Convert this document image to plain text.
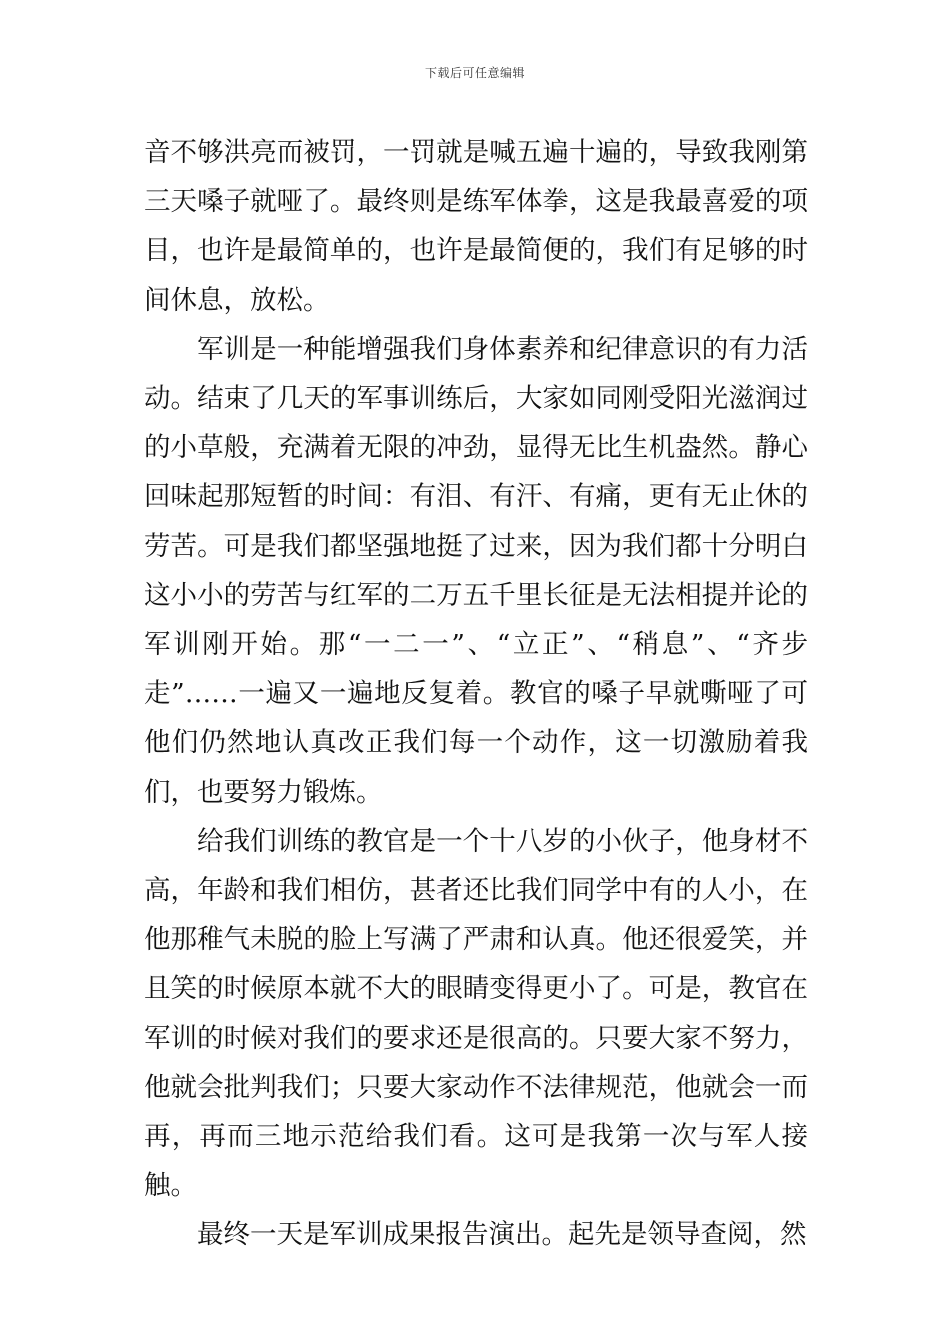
下载后可任意编辑

音不够洪亮而被罚，一罚就是喊五遍十遍的，导致我刚第三天嗓子就哑了。最终则是练军体拳，这是我最喜爱的项目，也许是最简单的，也许是最简便的，我们有足够的时间休息，放松。

军训是一种能增强我们身体素养和纪律意识的有力活动。结束了几天的军事训练后，大家如同刚受阳光滋润过的小草般，充满着无限的冲劲，显得无比生机盎然。静心回味起那短暂的时间：有泪、有汗、有痛，更有无止休的劳苦。可是我们都坚强地挺了过来，因为我们都十分明白这小小的劳苦与红军的二万五千里长征是无法相提并论的军训刚开始。那“一二一”、“立正”、“稍息”、“齐步走”……一遍又一遍地反复着。教官的嗓子早就嘶哑了可他们仍然地认真改正我们每一个动作，这一切激励着我们，也要努力锻炼。

给我们训练的教官是一个十八岁的小伙子，他身材不高，年龄和我们相仿，甚者还比我们同学中有的人小，在他那稚气未脱的脸上写满了严肃和认真。他还很爱笑，并且笑的时候原本就不大的眼睛变得更小了。可是，教官在军训的时候对我们的要求还是很高的。只要大家不努力，他就会批判我们；只要大家动作不法律规范，他就会一而再，再而三地示范给我们看。这可是我第一次与军人接触。

最终一天是军训成果报告演出。起先是领导查阅，然
